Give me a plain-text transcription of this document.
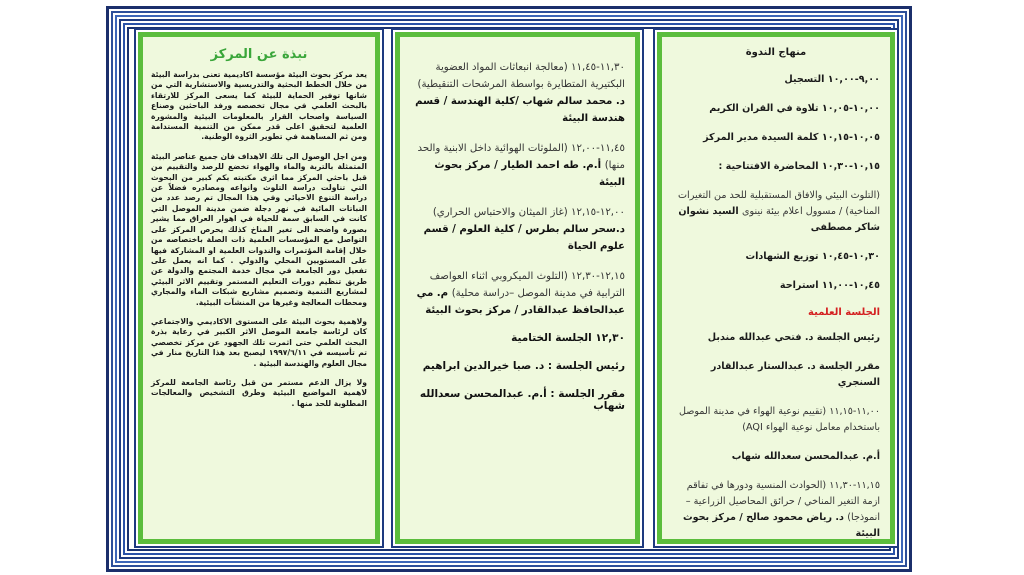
نبذة عن المركز

يعد مركز بحوث البيئة مؤسسة اكاديمية تعنى بدراسة البيئة من خلال الخطط البحثية والتدريسية والاستشارية التي من شانها توفير الحماية للبيئة كما يسعى المركز للارتقاء بالبحث العلمي في مجال تخصصه ورفد الباحثين وصناع السياسة واصحاب القرار بالمعلومات البيئية والمشورة العلمية لتحقيق اعلى قدر ممكن من التنمية المستدامة ومن ثم المساهمة في تطوير الثروة الوطنية.

ومن اجل الوصول الى تلك الاهداف فان جميع عناصر البيئة المتمثلة بالتربة والماء والهواء تخضع للرصد والتقييم من قبل باحثي المركز مما اثرى مكتبته بكم كبير من البحوث التي تناولت دراسة التلوث وانواعه ومصادره فضلاً عن دراسة التنوع الاحيائي وفي هذا المجال تم رصد عدد من النباتات المائية في نهر دجلة ضمن مدينة الموصل التي كانت في السابق سمة للحياة في اهوار العراق مما يشير بصورة واضحة الى تغير المناخ كذلك يحرص المركز على التواصل مع المؤسسات العلمية ذات الصلة باختصاصه من خلال إقامة المؤتمرات والندوات العلمية او المشاركة فيها على المستويين المحلي والدولي . كما انه يعمل على تفعيل دور الجامعة في مجال خدمة المجتمع والدولة عن طريق تنظيم دورات التعليم المستمر وتقييم الاثر البيئي لمشاريع التنمية وتصميم مشاريع شبكات الماء والمجاري ومحطات المعالجة وغيرها من المنشآت البيئية.

ولاهمية بحوث البيئة على المستوى الاكاديمي والاجتماعي كان لرئاسة جامعة الموصل الاثر الكبير في رعاية بذرة البحث العلمي حتى اثمرت تلك الجهود عن مركز تخصصي تم تأسيسه في ١٩٩٧/٦/١١ ليصبح بعد هذا التاريخ منار في مجال العلوم والهندسة البيئية .

ولا يزال الدعم مستمر من قبل رئاسة الجامعة للمركز لاهمية المواضيع البيئية وطرق التشخيص والمعالجات المطلوبة للحد منها .

١١,٣٠-١١,٤٥ (معالجة انبعاثات المواد العضوية البكتيرية المتطايرة بواسطة المرشحات التنقيطية) د. محمد سالم شهاب /كلية الهندسة / قسم هندسة البيئة
١١,٤٥-١٢,٠٠ (الملوثات الهوائية داخل الابنية والحد منها) أ.م. طه احمد الطيار / مركز بحوث البيئة
١٢,٠٠-١٢,١٥ (غاز الميثان والاحتباس الحراري) د.سحر سالم بطرس / كلية العلوم / قسم علوم الحياة
١٢,١٥-١٢,٣٠ (التلوث الميكروبي اثناء العواصف الترابية في مدينة الموصل –دراسة محلية) م. مي عبدالحافظ عبدالقادر / مركز بحوث البيئة
١٢,٣٠ الجلسة الختامية
رئيس الجلسة : د. صبا خيرالدين ابراهيم
مقرر الجلسة : أ.م. عبدالمحسن سعدالله شهاب
منهاج الندوة
٩,٠٠-١٠,٠٠ التسجيل
١٠,٠٠-١٠,٠٥ تلاوة في القران الكريم
١٠,٠٥-١٠,١٥ كلمة السيدة مدير المركز
١٠,١٥-١٠,٣٠ المحاضرة الافتتاحية :
(التلوث البيئي والافاق المستقبلية للحد من التغيرات المناخية) / مسوول اعلام بيئة نينوى السيد نشوان شاكر مصطفى
١٠,٣٠-١٠,٤٥ توزيع الشهادات
١٠,٤٥-١١,٠٠ استراحة
الجلسة العلمية
رئيس الجلسة د. فتحي عبدالله مندبل
مقرر الجلسة د. عبدالستار عبدالقادر السنجري
١١,٠٠-١١,١٥ (تقييم نوعية الهواء في مدينة الموصل باستخدام معامل نوعية الهواء AQI)
أ.م. عبدالمحسن سعدالله شهاب
١١,١٥-١١,٣٠ (الحوادث المنسية ودورها في تفاقم ازمة التغير المناخي / حرائق المحاصيل الزراعية –انموذجا) د. رياض محمود صالح / مركز بحوث البيئة
